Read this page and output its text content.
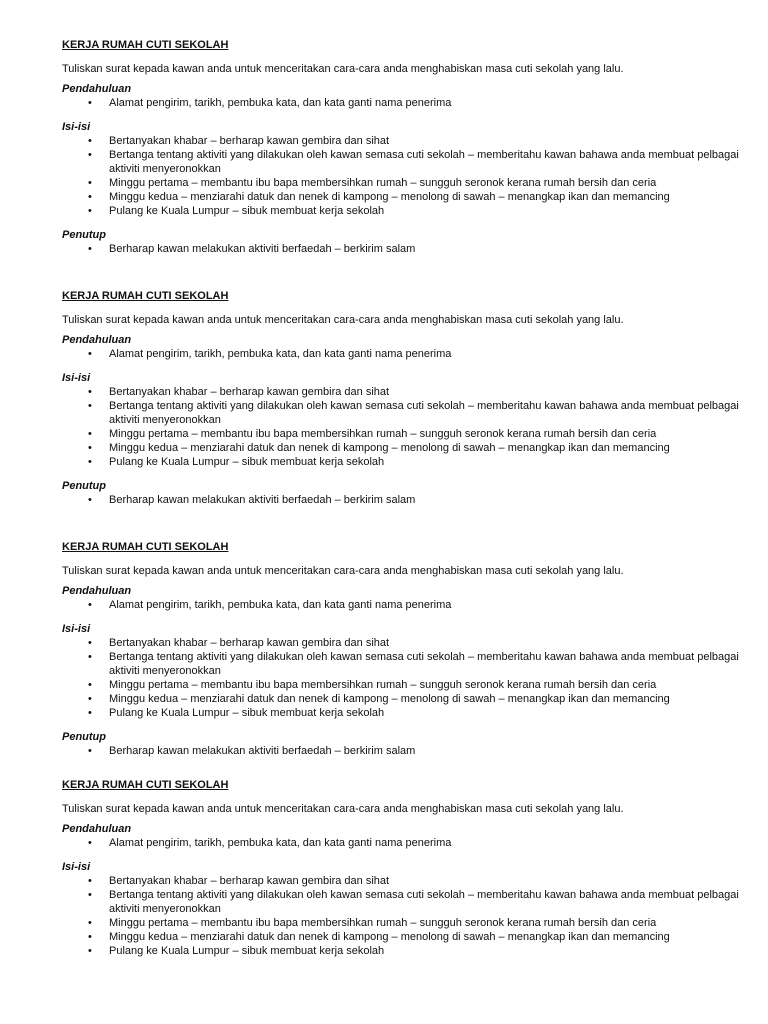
KERJA RUMAH CUTI SEKOLAH

Tuliskan surat kepada kawan anda untuk menceritakan cara-cara anda menghabiskan masa cuti sekolah yang lalu.

Pendahuluan

• Alamat pengirim, tarikh, pembuka kata, dan kata ganti nama penerima

Isi-isi

• Bertanyakan khabar – berharap kawan gembira dan sihat
• Bertanga tentang aktiviti yang dilakukan oleh kawan semasa cuti sekolah – memberitahu kawan bahawa anda membuat pelbagai aktiviti menyeronokkan
• Minggu pertama – membantu ibu bapa membersihkan rumah – sungguh seronok kerana rumah bersih dan ceria
• Minggu kedua – menziarahi datuk dan nenek di kampong – menolong di sawah – menangkap ikan dan memancing
• Pulang ke Kuala Lumpur – sibuk membuat kerja sekolah

Penutup

• Berharap kawan melakukan aktiviti berfaedah – berkirim salam

KERJA RUMAH CUTI SEKOLAH

Tuliskan surat kepada kawan anda untuk menceritakan cara-cara anda menghabiskan masa cuti sekolah yang lalu.

Pendahuluan

• Alamat pengirim, tarikh, pembuka kata, dan kata ganti nama penerima

Isi-isi

• Bertanyakan khabar – berharap kawan gembira dan sihat
• Bertanga tentang aktiviti yang dilakukan oleh kawan semasa cuti sekolah – memberitahu kawan bahawa anda membuat pelbagai aktiviti menyeronokkan
• Minggu pertama – membantu ibu bapa membersihkan rumah – sungguh seronok kerana rumah bersih dan ceria
• Minggu kedua – menziarahi datuk dan nenek di kampong – menolong di sawah – menangkap ikan dan memancing
• Pulang ke Kuala Lumpur – sibuk membuat kerja sekolah

Penutup

• Berharap kawan melakukan aktiviti berfaedah – berkirim salam

KERJA RUMAH CUTI SEKOLAH

Tuliskan surat kepada kawan anda untuk menceritakan cara-cara anda menghabiskan masa cuti sekolah yang lalu.

Pendahuluan

• Alamat pengirim, tarikh, pembuka kata, dan kata ganti nama penerima

Isi-isi

• Bertanyakan khabar – berharap kawan gembira dan sihat
• Bertanga tentang aktiviti yang dilakukan oleh kawan semasa cuti sekolah – memberitahu kawan bahawa anda membuat pelbagai aktiviti menyeronokkan
• Minggu pertama – membantu ibu bapa membersihkan rumah – sungguh seronok kerana rumah bersih dan ceria
• Minggu kedua – menziarahi datuk dan nenek di kampong – menolong di sawah – menangkap ikan dan memancing
• Pulang ke Kuala Lumpur – sibuk membuat kerja sekolah

Penutup

• Berharap kawan melakukan aktiviti berfaedah – berkirim salam

KERJA RUMAH CUTI SEKOLAH

Tuliskan surat kepada kawan anda untuk menceritakan cara-cara anda menghabiskan masa cuti sekolah yang lalu.

Pendahuluan

• Alamat pengirim, tarikh, pembuka kata, dan kata ganti nama penerima

Isi-isi

• Bertanyakan khabar – berharap kawan gembira dan sihat
• Bertanga tentang aktiviti yang dilakukan oleh kawan semasa cuti sekolah – memberitahu kawan bahawa anda membuat pelbagai aktiviti menyeronokkan
• Minggu pertama – membantu ibu bapa membersihkan rumah – sungguh seronok kerana rumah bersih dan ceria
• Minggu kedua – menziarahi datuk dan nenek di kampong – menolong di sawah – menangkap ikan dan memancing
• Pulang ke Kuala Lumpur – sibuk membuat kerja sekolah
